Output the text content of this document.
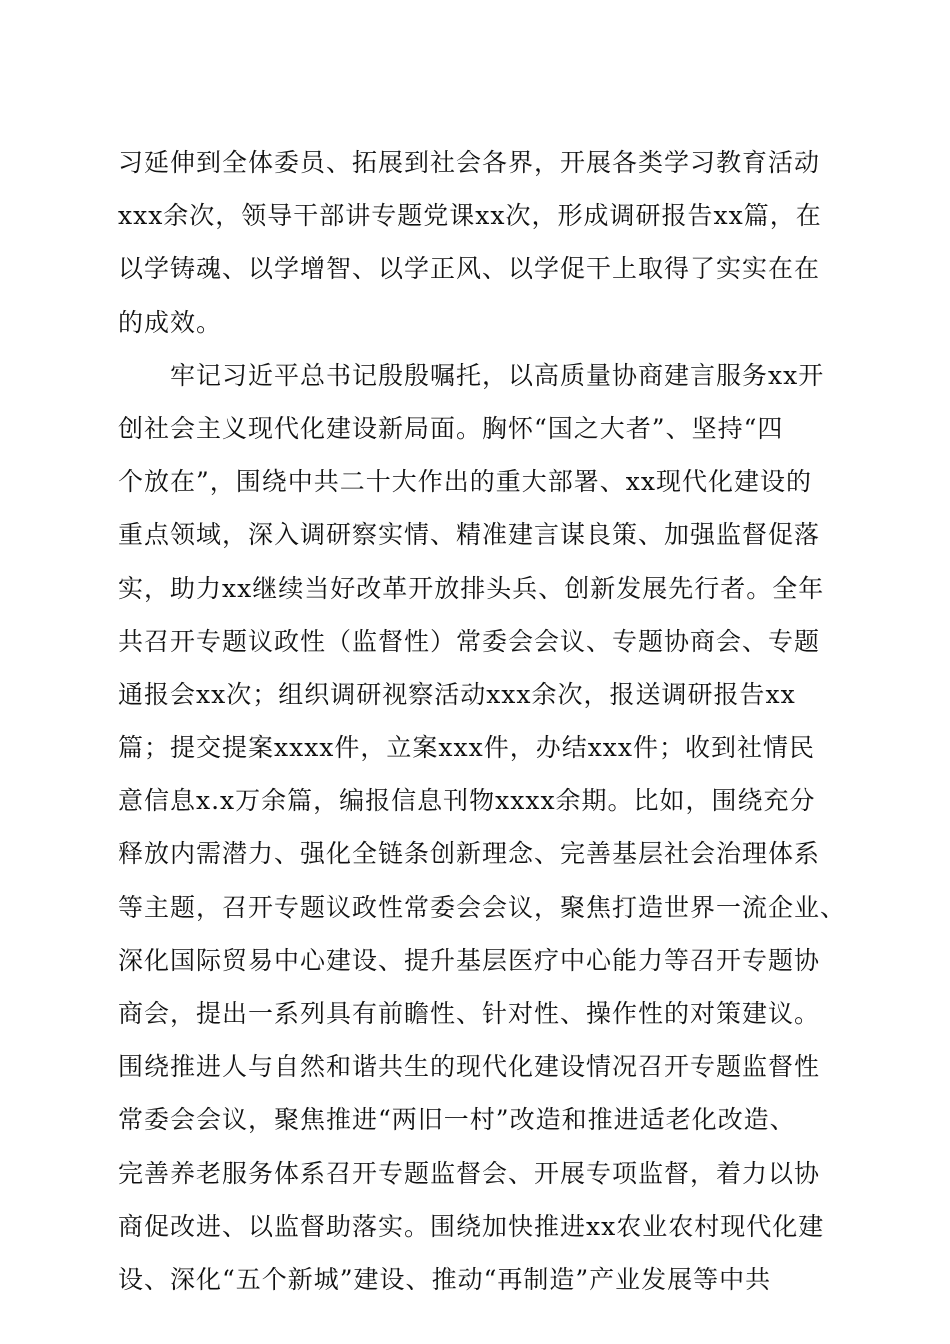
习延伸到全体委员、拓展到社会各界，开展各类学习教育活动
xxx余次，领导干部讲专题党课xx次，形成调研报告xx篇，在
以学铸魂、以学增智、以学正风、以学促干上取得了实实在在
的成效。
牢记习近平总书记殷殷嘱托，以高质量协商建言服务xx开
创社会主义现代化建设新局面。胸怀“国之大者”、坚持“四
个放在”，围绕中共二十大作出的重大部署、xx现代化建设的
重点领域，深入调研察实情、精准建言谋良策、加强监督促落
实，助力xx继续当好改革开放排头兵、创新发展先行者。全年
共召开专题议政性（监督性）常委会会议、专题协商会、专题
通报会xx次；组织调研视察活动xxx余次，报送调研报告xx
篇；提交提案xxxx件，立案xxx件，办结xxx件；收到社情民
意信息x.x万余篇，编报信息刊物xxxx余期。比如，围绕充分
释放内需潜力、强化全链条创新理念、完善基层社会治理体系
等主题，召开专题议政性常委会会议，聚焦打造世界一流企业、
深化国际贸易中心建设、提升基层医疗中心能力等召开专题协
商会，提出一系列具有前瞻性、针对性、操作性的对策建议。
围绕推进人与自然和谐共生的现代化建设情况召开专题监督性
常委会会议，聚焦推进“两旧一村”改造和推进适老化改造、
完善养老服务体系召开专题监督会、开展专项监督，着力以协
商促改进、以监督助落实。围绕加快推进xx农业农村现代化建
设、深化“五个新城”建设、推动“再制造”产业发展等中共
